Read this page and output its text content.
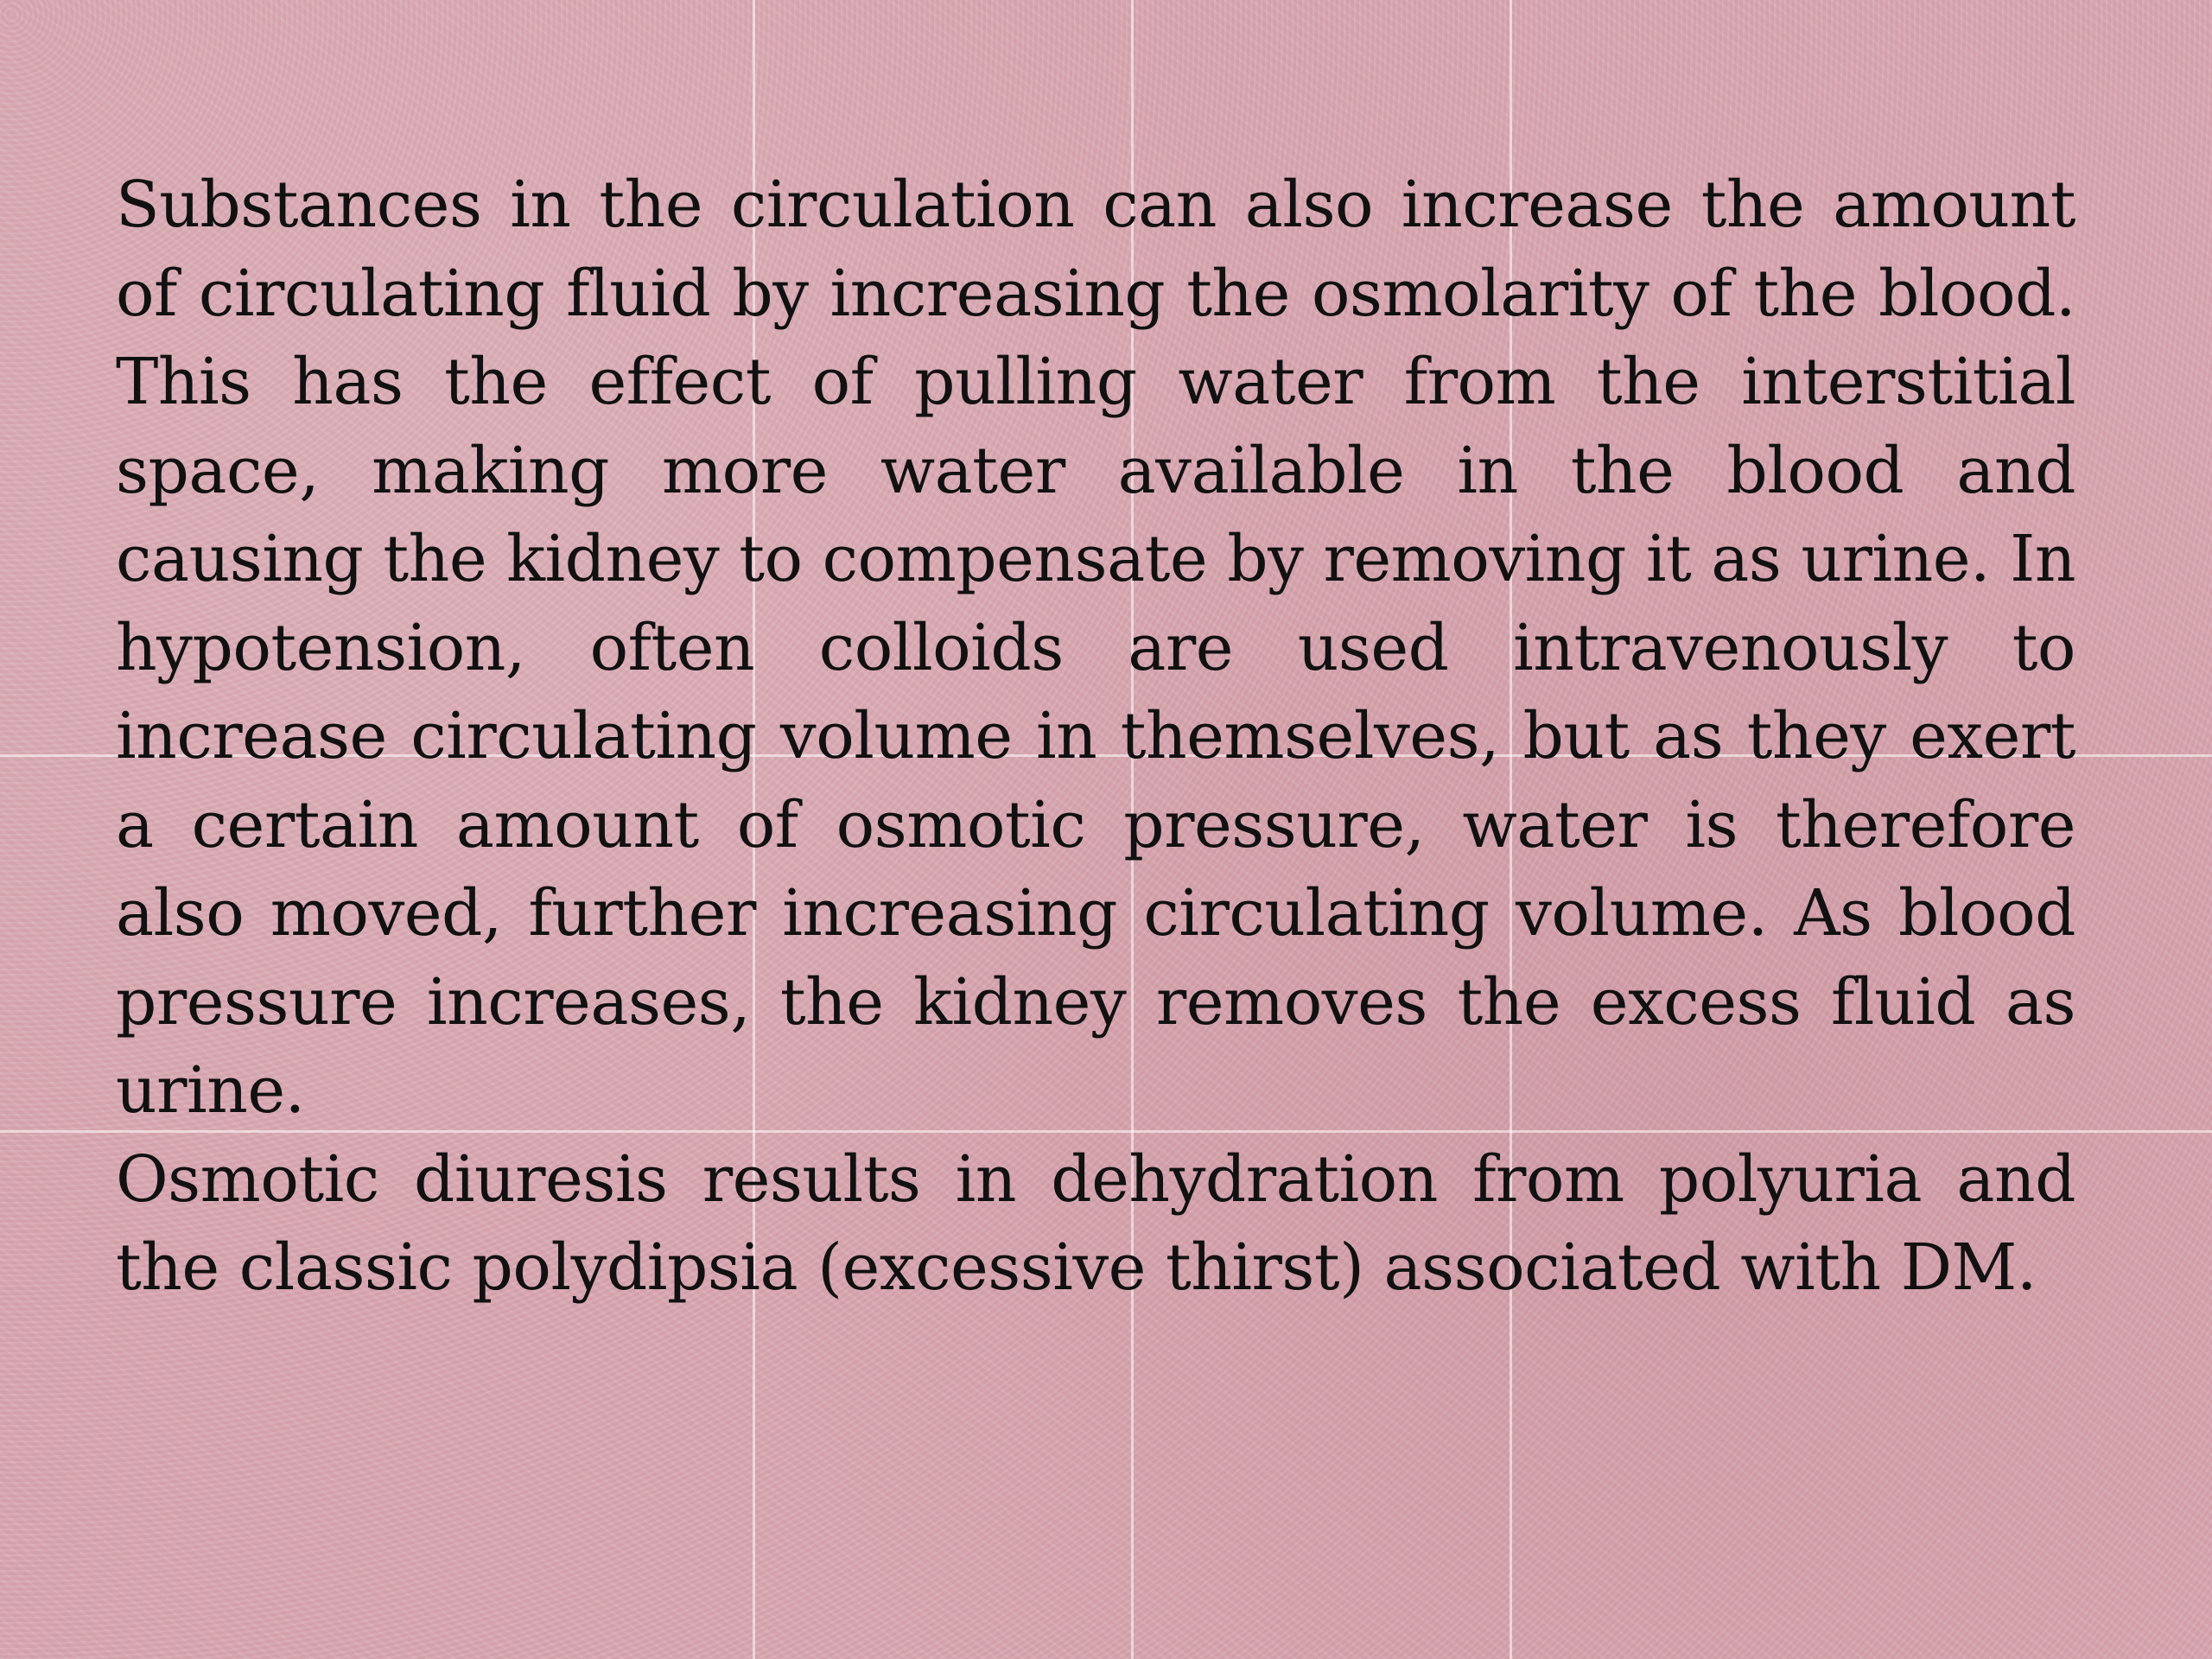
Substances in the circulation can also increase the amount of circulating fluid by increasing the osmolarity of the blood. This has the effect of pulling water from the interstitial space, making more water available in the blood and causing the kidney to compensate by removing it as urine. In hypotension, often colloids are used intravenously to increase circulating volume in themselves, but as they exert a certain amount of osmotic pressure, water is therefore also moved, further increasing circulating volume. As blood pressure increases, the kidney removes the excess fluid as urine.

Osmotic diuresis results in dehydration from polyuria and the classic polydipsia (excessive thirst) associated with DM.
